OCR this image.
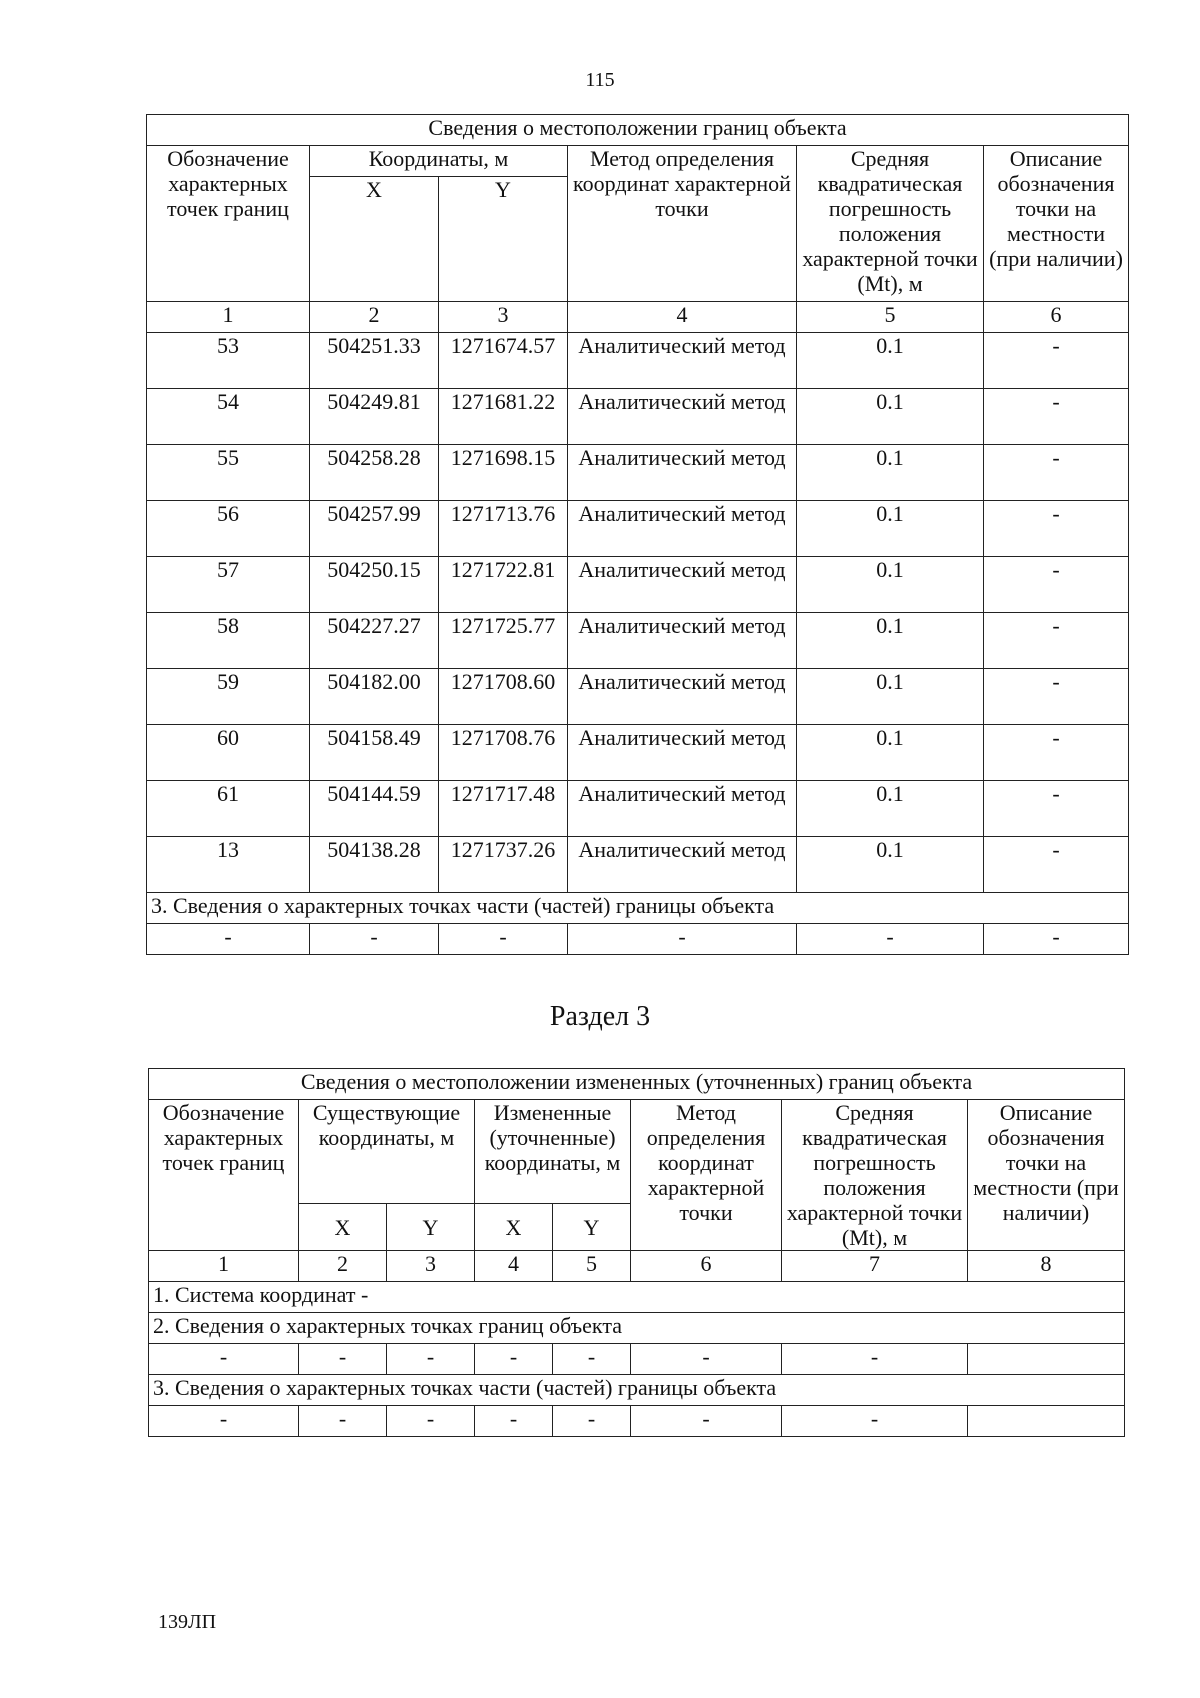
115
Сведения о местоположении границ объекта					
Обозначение характерных точек границ	Координаты, м		Метод определения координат характерной точки	Средняя квадратическая погрешность положения характерной точки (Mt), м	Описание обозначения точки на местности (при наличии)
	X	Y			
1	2	3	4	5	6
53	504251.33	1271674.57	Аналитический метод	0.1	-
54	504249.81	1271681.22	Аналитический метод	0.1	-
55	504258.28	1271698.15	Аналитический метод	0.1	-
56	504257.99	1271713.76	Аналитический метод	0.1	-
57	504250.15	1271722.81	Аналитический метод	0.1	-
58	504227.27	1271725.77	Аналитический метод	0.1	-
59	504182.00	1271708.60	Аналитический метод	0.1	-
60	504158.49	1271708.76	Аналитический метод	0.1	-
61	504144.59	1271717.48	Аналитический метод	0.1	-
13	504138.28	1271737.26	Аналитический метод	0.1	-
3. Сведения о характерных точках части (частей) границы объекта					
-	-	-	-	-	-
Раздел 3
Сведения о местоположении измененных (уточненных) границ объекта							
Обозначение характерных точек границ	Существующие координаты, м		Измененные (уточненные) координаты, м		Метод определения координат характерной точки	Средняя квадратическая погрешность положения характерной точки (Mt), м	Описание обозначения точки на местности (при наличии)
	X	Y	X	Y			
1	2	3	4	5	6	7	8
1. Система координат -							
2. Сведения о характерных точках границ объекта							
-	-	-	-	-	-	-	
3. Сведения о характерных точках части (частей) границы объекта							
-	-	-	-	-	-	-	
139ЛП
